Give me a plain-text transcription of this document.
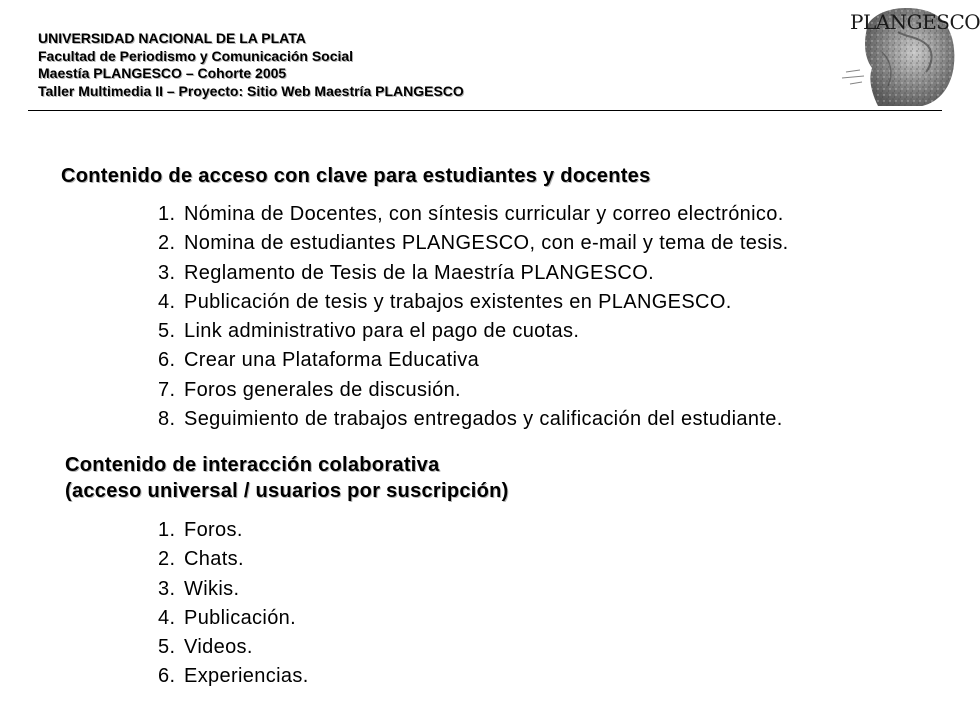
UNIVERSIDAD NACIONAL DE LA PLATA
Facultad de Periodismo y Comunicación Social
Maestía PLANGESCO – Cohorte 2005
Taller Multimedia II – Proyecto: Sitio Web Maestría PLANGESCO
PLANGESCO
Contenido de acceso con clave para estudiantes y docentes
1. Nómina de Docentes, con síntesis curricular y correo electrónico.
2. Nomina de estudiantes PLANGESCO, con e-mail y tema de tesis.
3. Reglamento de Tesis de la Maestría PLANGESCO.
4. Publicación de tesis y trabajos existentes en PLANGESCO.
5. Link administrativo para el pago de cuotas.
6. Crear una Plataforma Educativa
7. Foros generales de discusión.
8. Seguimiento de trabajos entregados y calificación del estudiante.
Contenido de interacción colaborativa
(acceso universal / usuarios por suscripción)
1. Foros.
2. Chats.
3. Wikis.
4. Publicación.
5. Videos.
6. Experiencias.
